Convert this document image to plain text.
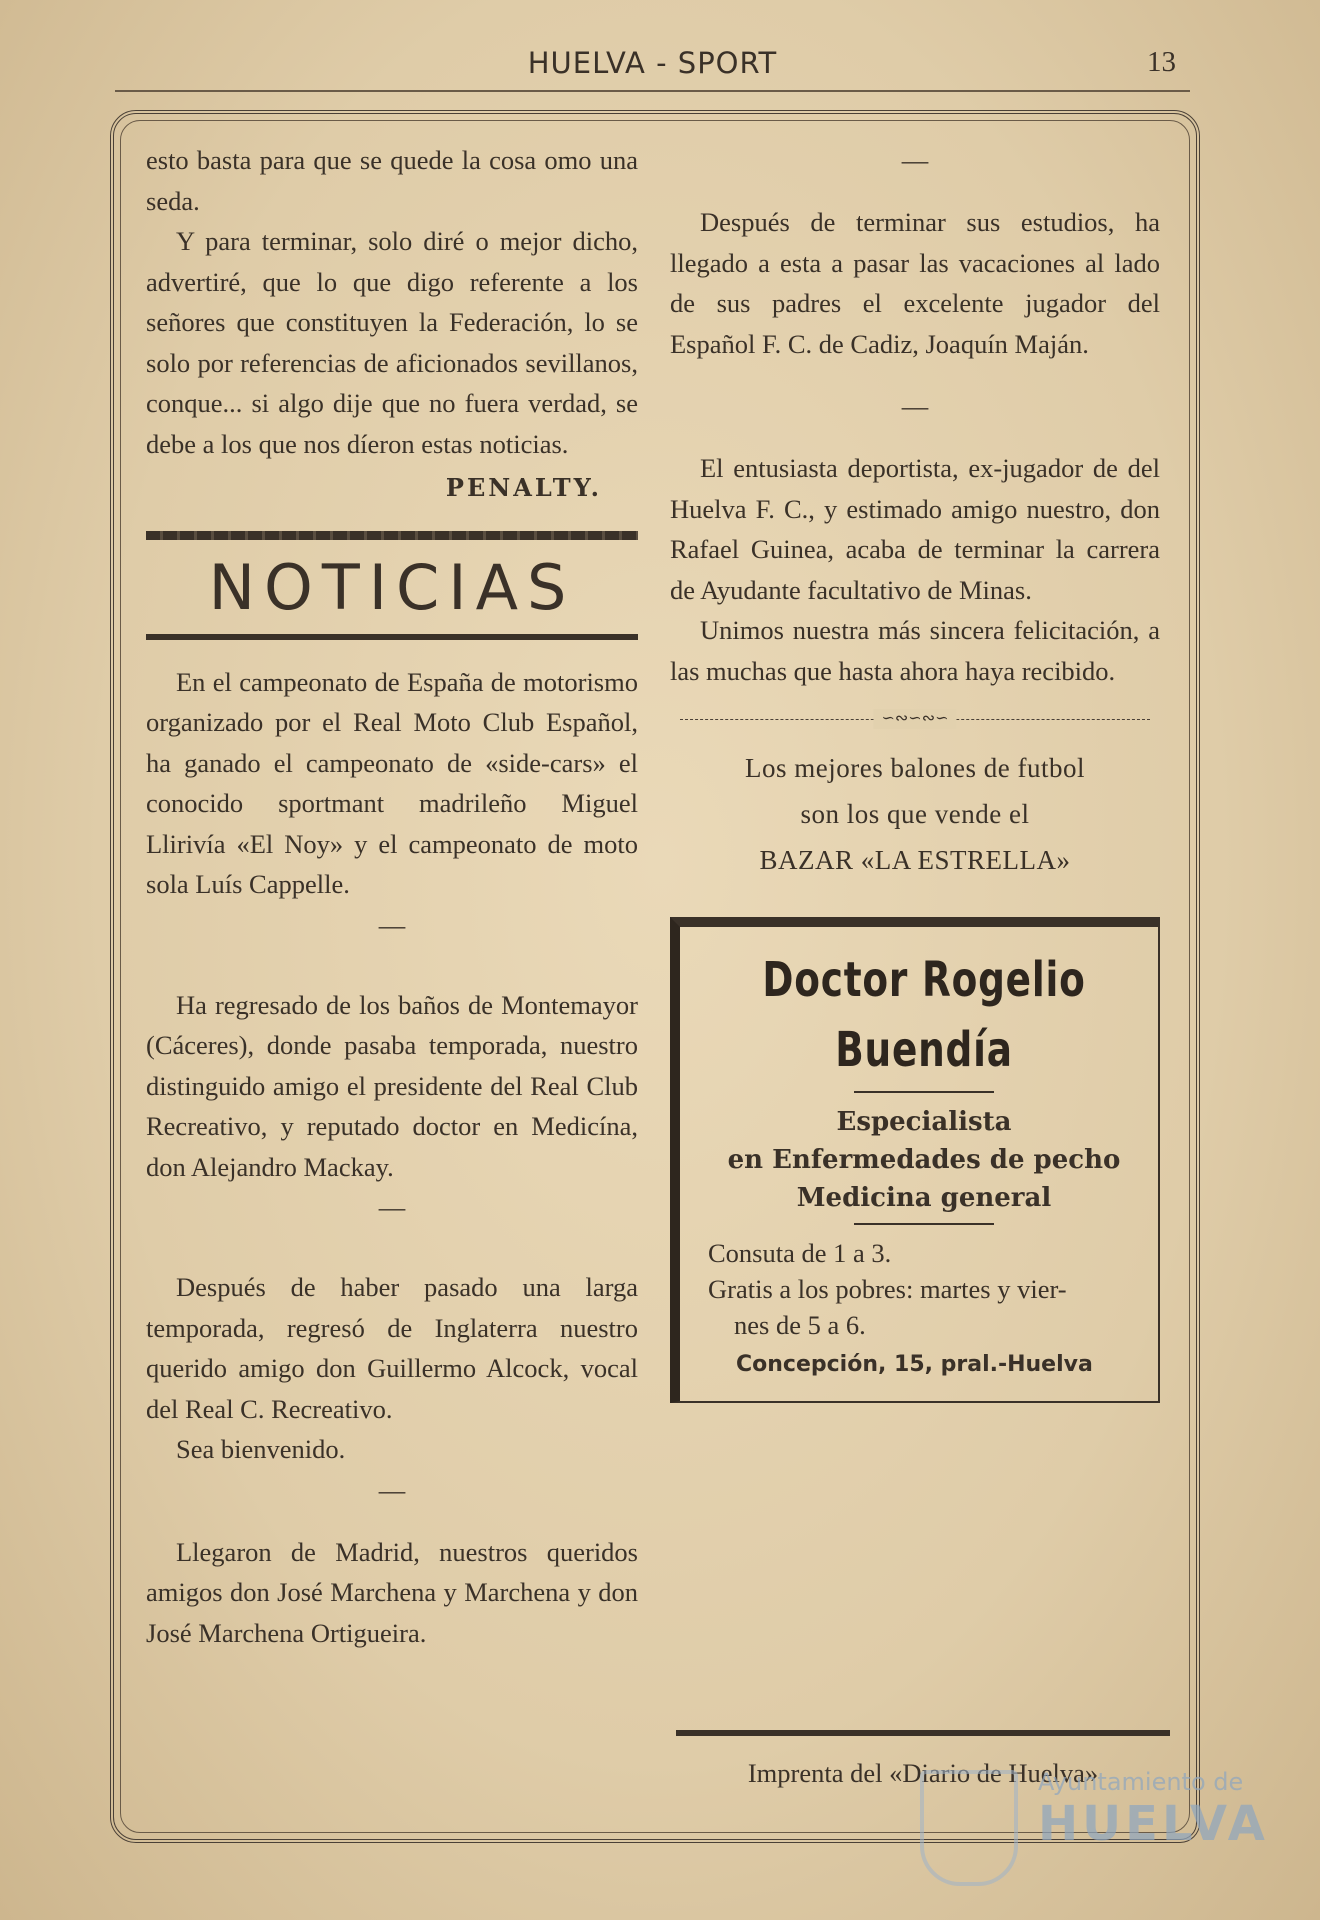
HUELVA - SPORT	13

esto basta para que se quede la cosa omo una seda.

Y para terminar, solo diré o mejor dicho, advertiré, que lo que digo referente a los señores que constituyen la Federación, lo se solo por referencias de aficionados sevillanos, conque... si algo dije que no fuera verdad, se debe a los que nos díeron estas noticias.

PENALTY.

NOTICIAS

En el campeonato de España de motorismo organizado por el Real Moto Club Español, ha ganado el campeonato de «side-cars» el conocido sportmant madrileño Miguel Llirivía «El Noy» y el campeonato de moto sola Luís Cappelle.

—

Ha regresado de los baños de Montemayor (Cáceres), donde pasaba temporada, nuestro distinguido amigo el presidente del Real Club Recreativo, y reputado doctor en Medicína, don Alejandro Mackay.

—

Después de haber pasado una larga temporada, regresó de Inglaterra nuestro querido amigo don Guillermo Alcock, vocal del Real C. Recreativo.

Sea bienvenido.

—

Llegaron de Madrid, nuestros queridos amigos don José Marchena y Marchena y don José Marchena Ortigueira.

—

Después de terminar sus estudios, ha llegado a esta a pasar las vacaciones al lado de sus padres el excelente jugador del Español F. C. de Cadiz, Joaquín Maján.

—

El entusiasta deportista, ex-jugador de del Huelva F. C., y estimado amigo nuestro, don Rafael Guinea, acaba de terminar la carrera de Ayudante facultativo de Minas.

Unimos nuestra más sincera felicitación, a las muchas que hasta ahora haya recibido.

∽∾∽∾∽
Los mejores balones de futbol
son los que vende el
BAZAR «LA ESTRELLA»
Doctor Rogelio Buendía
Especialista
en Enfermedades de pecho
Medicina general
Consuta de 1 a 3.
Gratis a los pobres: martes y vier-
nes de 5 a 6.
Concepción, 15, pral.-Huelva
Imprenta del «Diario de Huelva»
Ayuntamiento de
HUELVA
